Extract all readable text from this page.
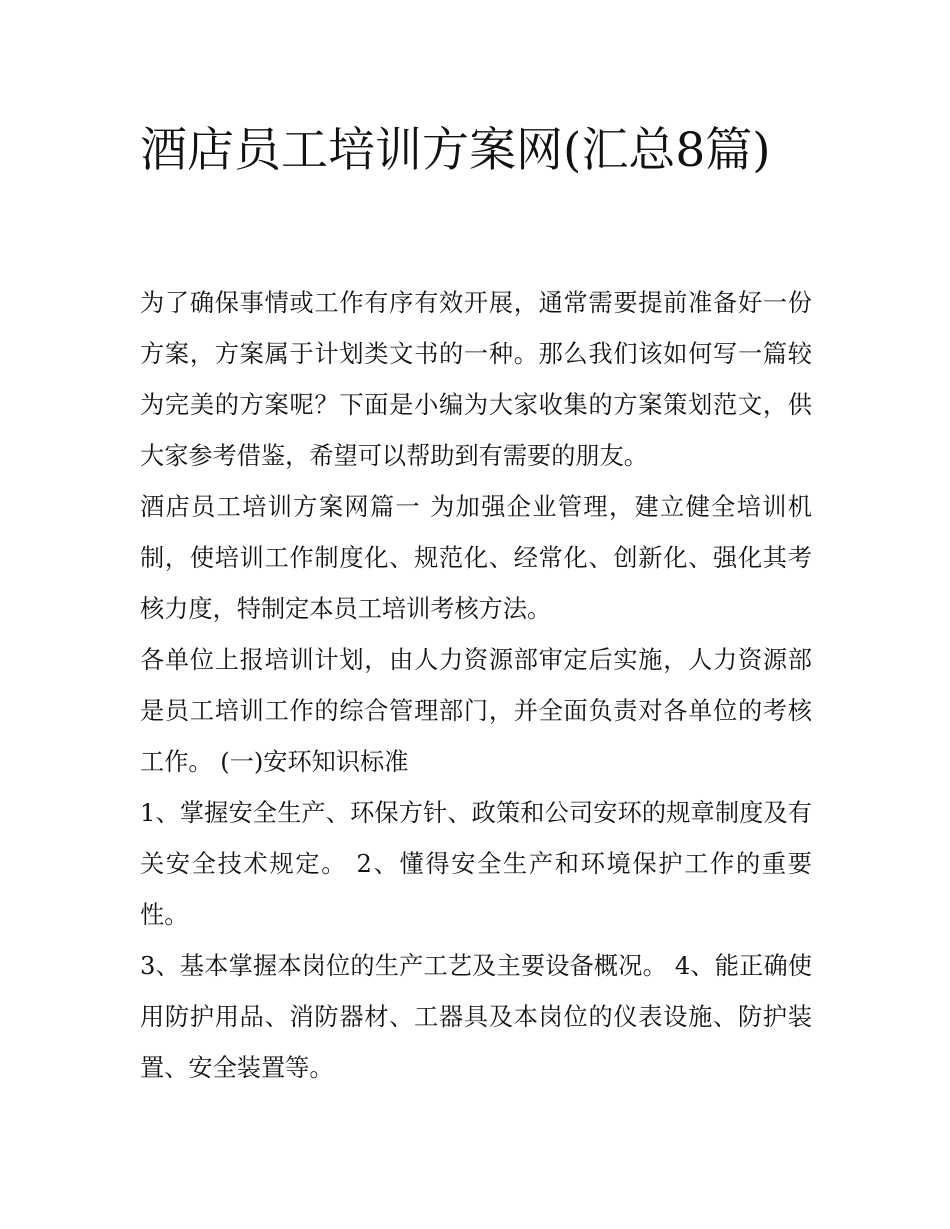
酒店员工培训方案网(汇总8篇)

为了确保事情或工作有序有效开展，通常需要提前准备好一份方案，方案属于计划类文书的一种。那么我们该如何写一篇较为完美的方案呢？下面是小编为大家收集的方案策划范文，供大家参考借鉴，希望可以帮助到有需要的朋友。

酒店员工培训方案网篇一 为加强企业管理，建立健全培训机制，使培训工作制度化、规范化、经常化、创新化、强化其考核力度，特制定本员工培训考核方法。

各单位上报培训计划，由人力资源部审定后实施，人力资源部是员工培训工作的综合管理部门，并全面负责对各单位的考核工作。 (一)安环知识标准

1、掌握安全生产、环保方针、政策和公司安环的规章制度及有关安全技术规定。 2、懂得安全生产和环境保护工作的重要性。

3、基本掌握本岗位的生产工艺及主要设备概况。 4、能正确使用防护用品、消防器材、工器具及本岗位的仪表设施、防护装置、安全装置等。
